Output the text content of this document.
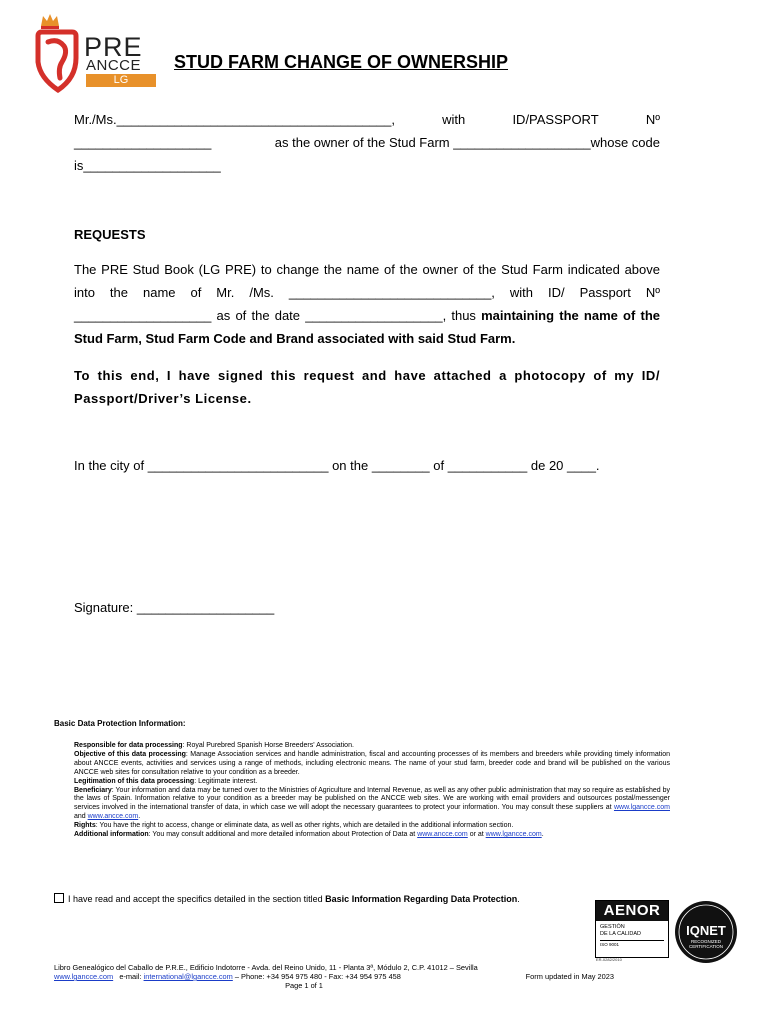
PRE
ANCCE
LG
STUD FARM CHANGE OF OWNERSHIP
Mr./Ms.______________________________________,	with	ID/PASSPORT	Nº
___________________	as the owner of the Stud Farm ___________________whose code
is___________________
REQUESTS
The PRE Stud Book (LG PRE) to change the name of the owner of the Stud Farm indicated above into the name of Mr. /Ms. ____________________________, with ID/ Passport Nº ___________________ as of the date ___________________, thus maintaining the name of the Stud Farm, Stud Farm Code and Brand associated with said Stud Farm.
To this end, I have signed this request and have attached a photocopy of my ID/ Passport/Driver’s License.
In the city of _________________________ on the ________ of ___________ de 20 ____.
Signature: ___________________
Basic Data Protection Information:
Responsible for data processing: Royal Purebred Spanish Horse Breeders' Association.
Objective of this data processing: Manage Association services and handle administration, fiscal and accounting processes of its members and breeders while providing timely information about ANCCE events, activities and services using a range of methods, including electronic means. The name of your stud farm, breeder code and brand will be published on the various ANCCE web sites for consultation relative to your condition as a breeder.
Legitimation of this data processing: Legitimate interest.
Beneficiary: Your information and data may be turned over to the Ministries of Agriculture and Internal Revenue, as well as any other public administration that may so require as established by the laws of Spain. Information relative to your condition as a breeder may be published on the ANCCE web sites. We are working with email providers and outsources postal/messenger services involved in the international transfer of data, in which case we will adopt the necessary guarantees to protect your information. You may consult these suppliers at www.lgancce.com and www.ancce.com.
Rights: You have the right to access, change or eliminate data, as well as other rights, which are detailed in the additional information section.
Additional information: You may consult additional and more detailed information about Protection of Data at www.ancce.com or at www.lgancce.com.
I have read and accept the specifics detailed in the section titled Basic Information Regarding Data Protection.
AENOR
GESTIÓN
DE LA CALIDAD
ISO 9001
ER-0282/2010
IQNET
RECOGNIZED
CERTIFICATION
Libro Genealógico del Caballo de P.R.E., Edificio Indotorre - Avda. del Reino Unido, 11 - Planta 3ª, Módulo 2, C.P. 41012 – Sevilla
www.lgancce.com e-mail: international@lgancce.com – Phone: +34 954 975 480 - Fax: +34 954 975 458	Form updated in May 2023
Page 1 of 1
